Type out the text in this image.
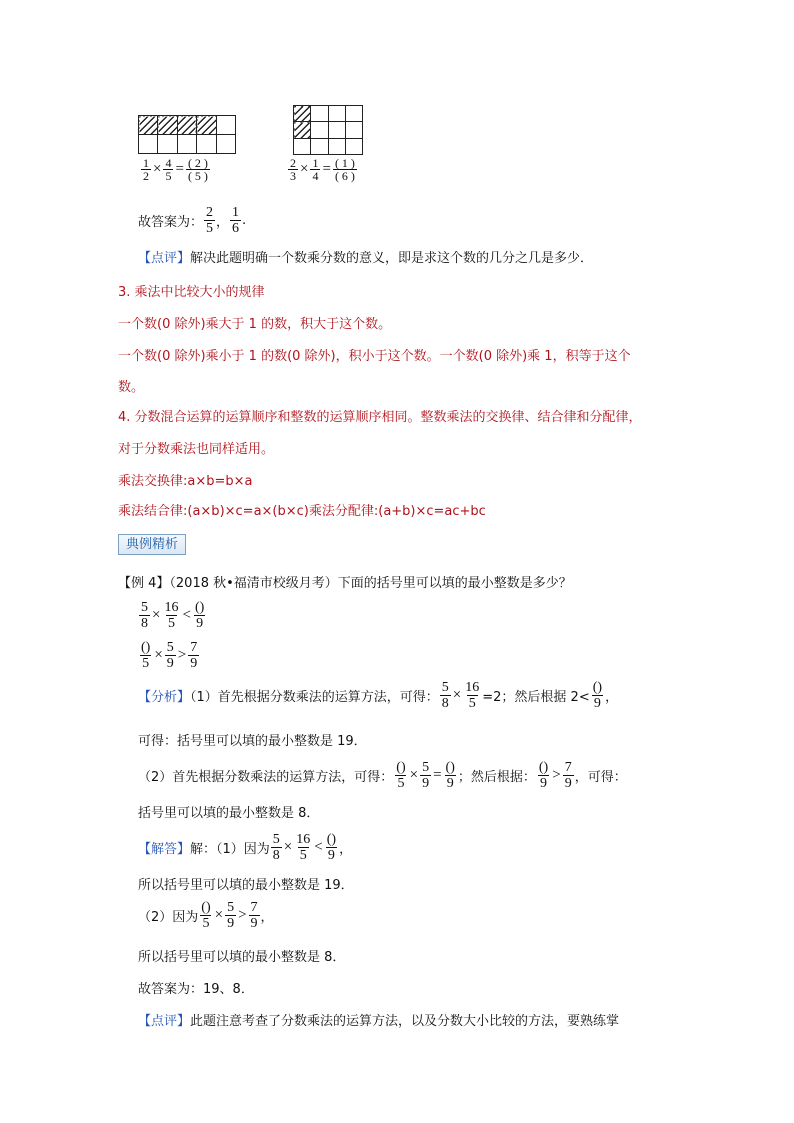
$\frac{1}{2} \times \frac{4}{5} = \frac{( 2 )}{( 5 )}$

				$\frac{2}{3} \times \frac{1}{4} = \frac{( 1 )}{( 6 )}$
故答案为： $\frac{2}{5}$ ， $\frac{1}{6}$ .
【点评】解决此题明确一个数乘分数的意义，即是求这个数的几分之几是多少．
3. 乘法中比较大小的规律
一个数(0 除外)乘大于 1 的数，积大于这个数。
一个数(0 除外)乘小于 1 的数(0 除外)，积小于这个数。一个数(0 除外)乘 1，积等于这个
数。
4. 分数混合运算的运算顺序和整数的运算顺序相同。整数乘法的交换律、结合律和分配律，
对于分数乘法也同样适用。
乘法交换律:a×b=b×a
乘法结合律:(a×b)×c=a×(b×c)乘法分配律:(a+b)×c=ac+bc
典例精析
【例 4】（2018 秋•福清市校级月考）下面的括号里可以填的最小整数是多少？
$\frac{5}{8} \times \frac{16}{5} < \frac{()}{9}$
$\frac{()}{5} \times \frac{5}{9} > \frac{7}{9}$
【分析】（1）首先根据分数乘法的运算方法，可得： $\frac{5}{8} \times \frac{16}{5} =2$；然后根据 $2< \frac{()}{9}$ ，
可得：括号里可以填的最小整数是 19．
（2）首先根据分数乘法的运算方法，可得： $\frac{()}{5} \times \frac{5}{9} = \frac{()}{9}$ ；然后根据： $\frac{()}{9} > \frac{7}{9}$ ，可得：
括号里可以填的最小整数是 8．
【解答】解：（1）因为 $\frac{5}{8} \times \frac{16}{5} < \frac{()}{9}$ ，
所以括号里可以填的最小整数是 19．
（2）因为 $\frac{()}{5} \times \frac{5}{9} > \frac{7}{9}$ ，
所以括号里可以填的最小整数是 8．
故答案为：19、8．
【点评】此题注意考查了分数乘法的运算方法，以及分数大小比较的方法，要熟练掌
